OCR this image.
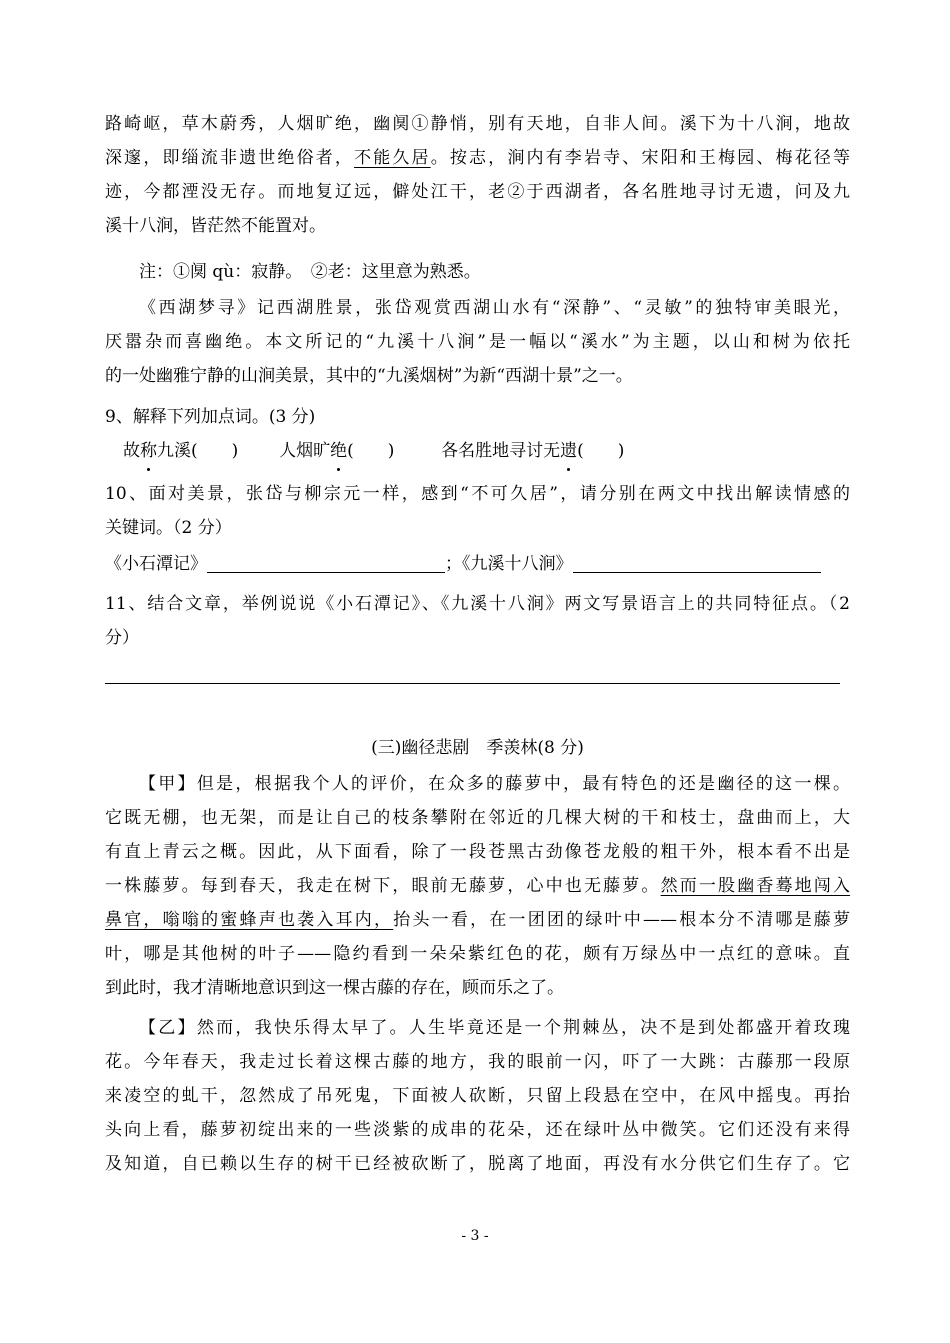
路崎岖，草木蔚秀，人烟旷绝，幽阒①静悄，别有天地，自非人间。溪下为十八涧，地故
深邃，即缁流非遗世绝俗者，不能久居。按志，涧内有李岩寺、宋阳和王梅园、梅花径等
迹，今都湮没无存。而地复辽远，僻处江干，老②于西湖者，各名胜地寻讨无遗，问及九
溪十八涧，皆茫然不能置对。
注：①阒 qù：寂静。　②老：这里意为熟悉。
《西湖梦寻》记西湖胜景，张岱观赏西湖山水有“深静”、“灵敏”的独特审美眼光，
厌嚣杂而喜幽绝。本文所记的“九溪十八涧”是一幅以“溪水”为主题，以山和树为依托
的一处幽雅宁静的山涧美景，其中的“九溪烟树”为新“西湖十景”之一。
9、解释下列加点词。(3 分)
故称九溪(　　) 人烟旷绝(　　)	各名胜地寻讨无遗(　　)
10、面对美景，张岱与柳宗元一样，感到“不可久居”，请分别在两文中找出解读情感的
关键词。（2 分）
《小石潭记》	；《九溪十八涧》
11、结合文章，举例说说《小石潭记》、《九溪十八涧》两文写景语言上的共同特征点。（2
分）
(三)幽径悲剧　季羡林(8 分)
【甲】但是，根据我个人的评价，在众多的藤萝中，最有特色的还是幽径的这一棵。
它既无棚，也无架，而是让自己的枝条攀附在邻近的几棵大树的干和枝士，盘曲而上，大
有直上青云之概。因此，从下面看，除了一段苍黑古劲像苍龙般的粗干外，根本看不出是
一株藤萝。每到春天，我走在树下，眼前无藤萝，心中也无藤萝。然而一股幽香蓦地闯入
鼻官，嗡嗡的蜜蜂声也袭入耳内，抬头一看，在一团团的绿叶中——根本分不清哪是藤萝
叶，哪是其他树的叶子——隐约看到一朵朵紫红色的花，颇有万绿丛中一点红的意味。直
到此时，我才清晰地意识到这一棵古藤的存在，顾而乐之了。
【乙】然而，我快乐得太早了。人生毕竟还是一个荆棘丛，决不是到处都盛开着玫瑰
花。今年春天，我走过长着这棵古藤的地方，我的眼前一闪，吓了一大跳：古藤那一段原
来凌空的虬干，忽然成了吊死鬼，下面被人砍断，只留上段悬在空中，在风中摇曳。再抬
头向上看，藤萝初绽出来的一些淡紫的成串的花朵，还在绿叶丛中微笑。它们还没有来得
及知道，自已赖以生存的树干已经被砍断了，脱离了地面，再没有水分供它们生存了。它
- 3 -
